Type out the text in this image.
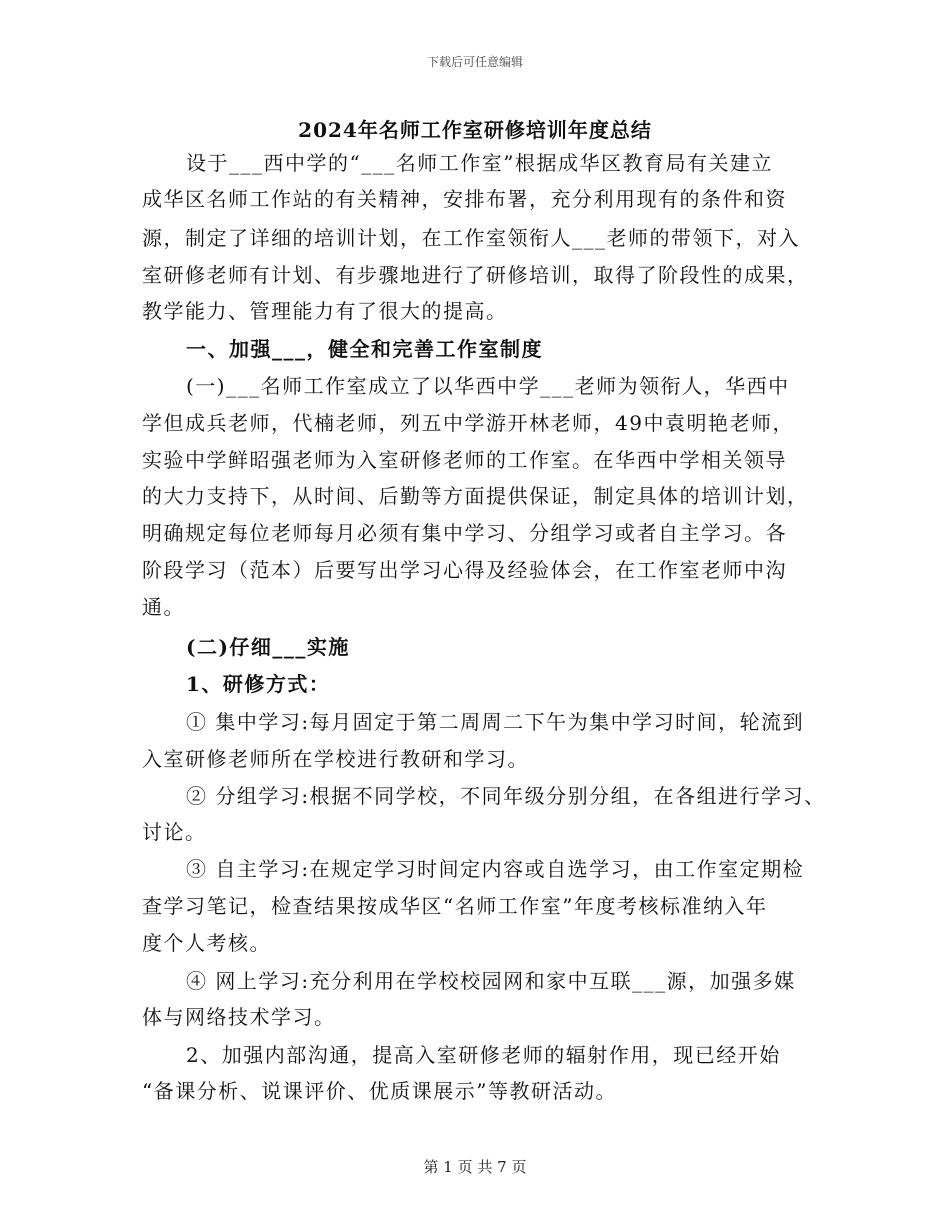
下载后可任意编辑
2024年名师工作室研修培训年度总结
设于___西中学的“___名师工作室”根据成华区教育局有关建立
成华区名师工作站的有关精神，安排布署，充分利用现有的条件和资
源，制定了详细的培训计划，在工作室领衔人___老师的带领下，对入
室研修老师有计划、有步骤地进行了研修培训，取得了阶段性的成果，
教学能力、管理能力有了很大的提高。
一、加强___，健全和完善工作室制度
(一)___名师工作室成立了以华西中学___老师为领衔人，华西中
学但成兵老师，代楠老师，列五中学游开林老师，49中袁明艳老师，
实验中学鲜昭强老师为入室研修老师的工作室。在华西中学相关领导
的大力支持下，从时间、后勤等方面提供保证，制定具体的培训计划，
明确规定每位老师每月必须有集中学习、分组学习或者自主学习。各
阶段学习（范本）后要写出学习心得及经验体会，在工作室老师中沟
通。
(二)仔细___实施
1、研修方式：
① 集中学习:每月固定于第二周周二下午为集中学习时间，轮流到
入室研修老师所在学校进行教研和学习。
② 分组学习:根据不同学校，不同年级分别分组，在各组进行学习、
讨论。
③ 自主学习:在规定学习时间定内容或自选学习，由工作室定期检
查学习笔记，检查结果按成华区“名师工作室”年度考核标准纳入年
度个人考核。
④ 网上学习:充分利用在学校校园网和家中互联___源，加强多媒
体与网络技术学习。
2、加强内部沟通，提高入室研修老师的辐射作用，现已经开始
“备课分析、说课评价、优质课展示”等教研活动。
第 1 页 共 7 页
